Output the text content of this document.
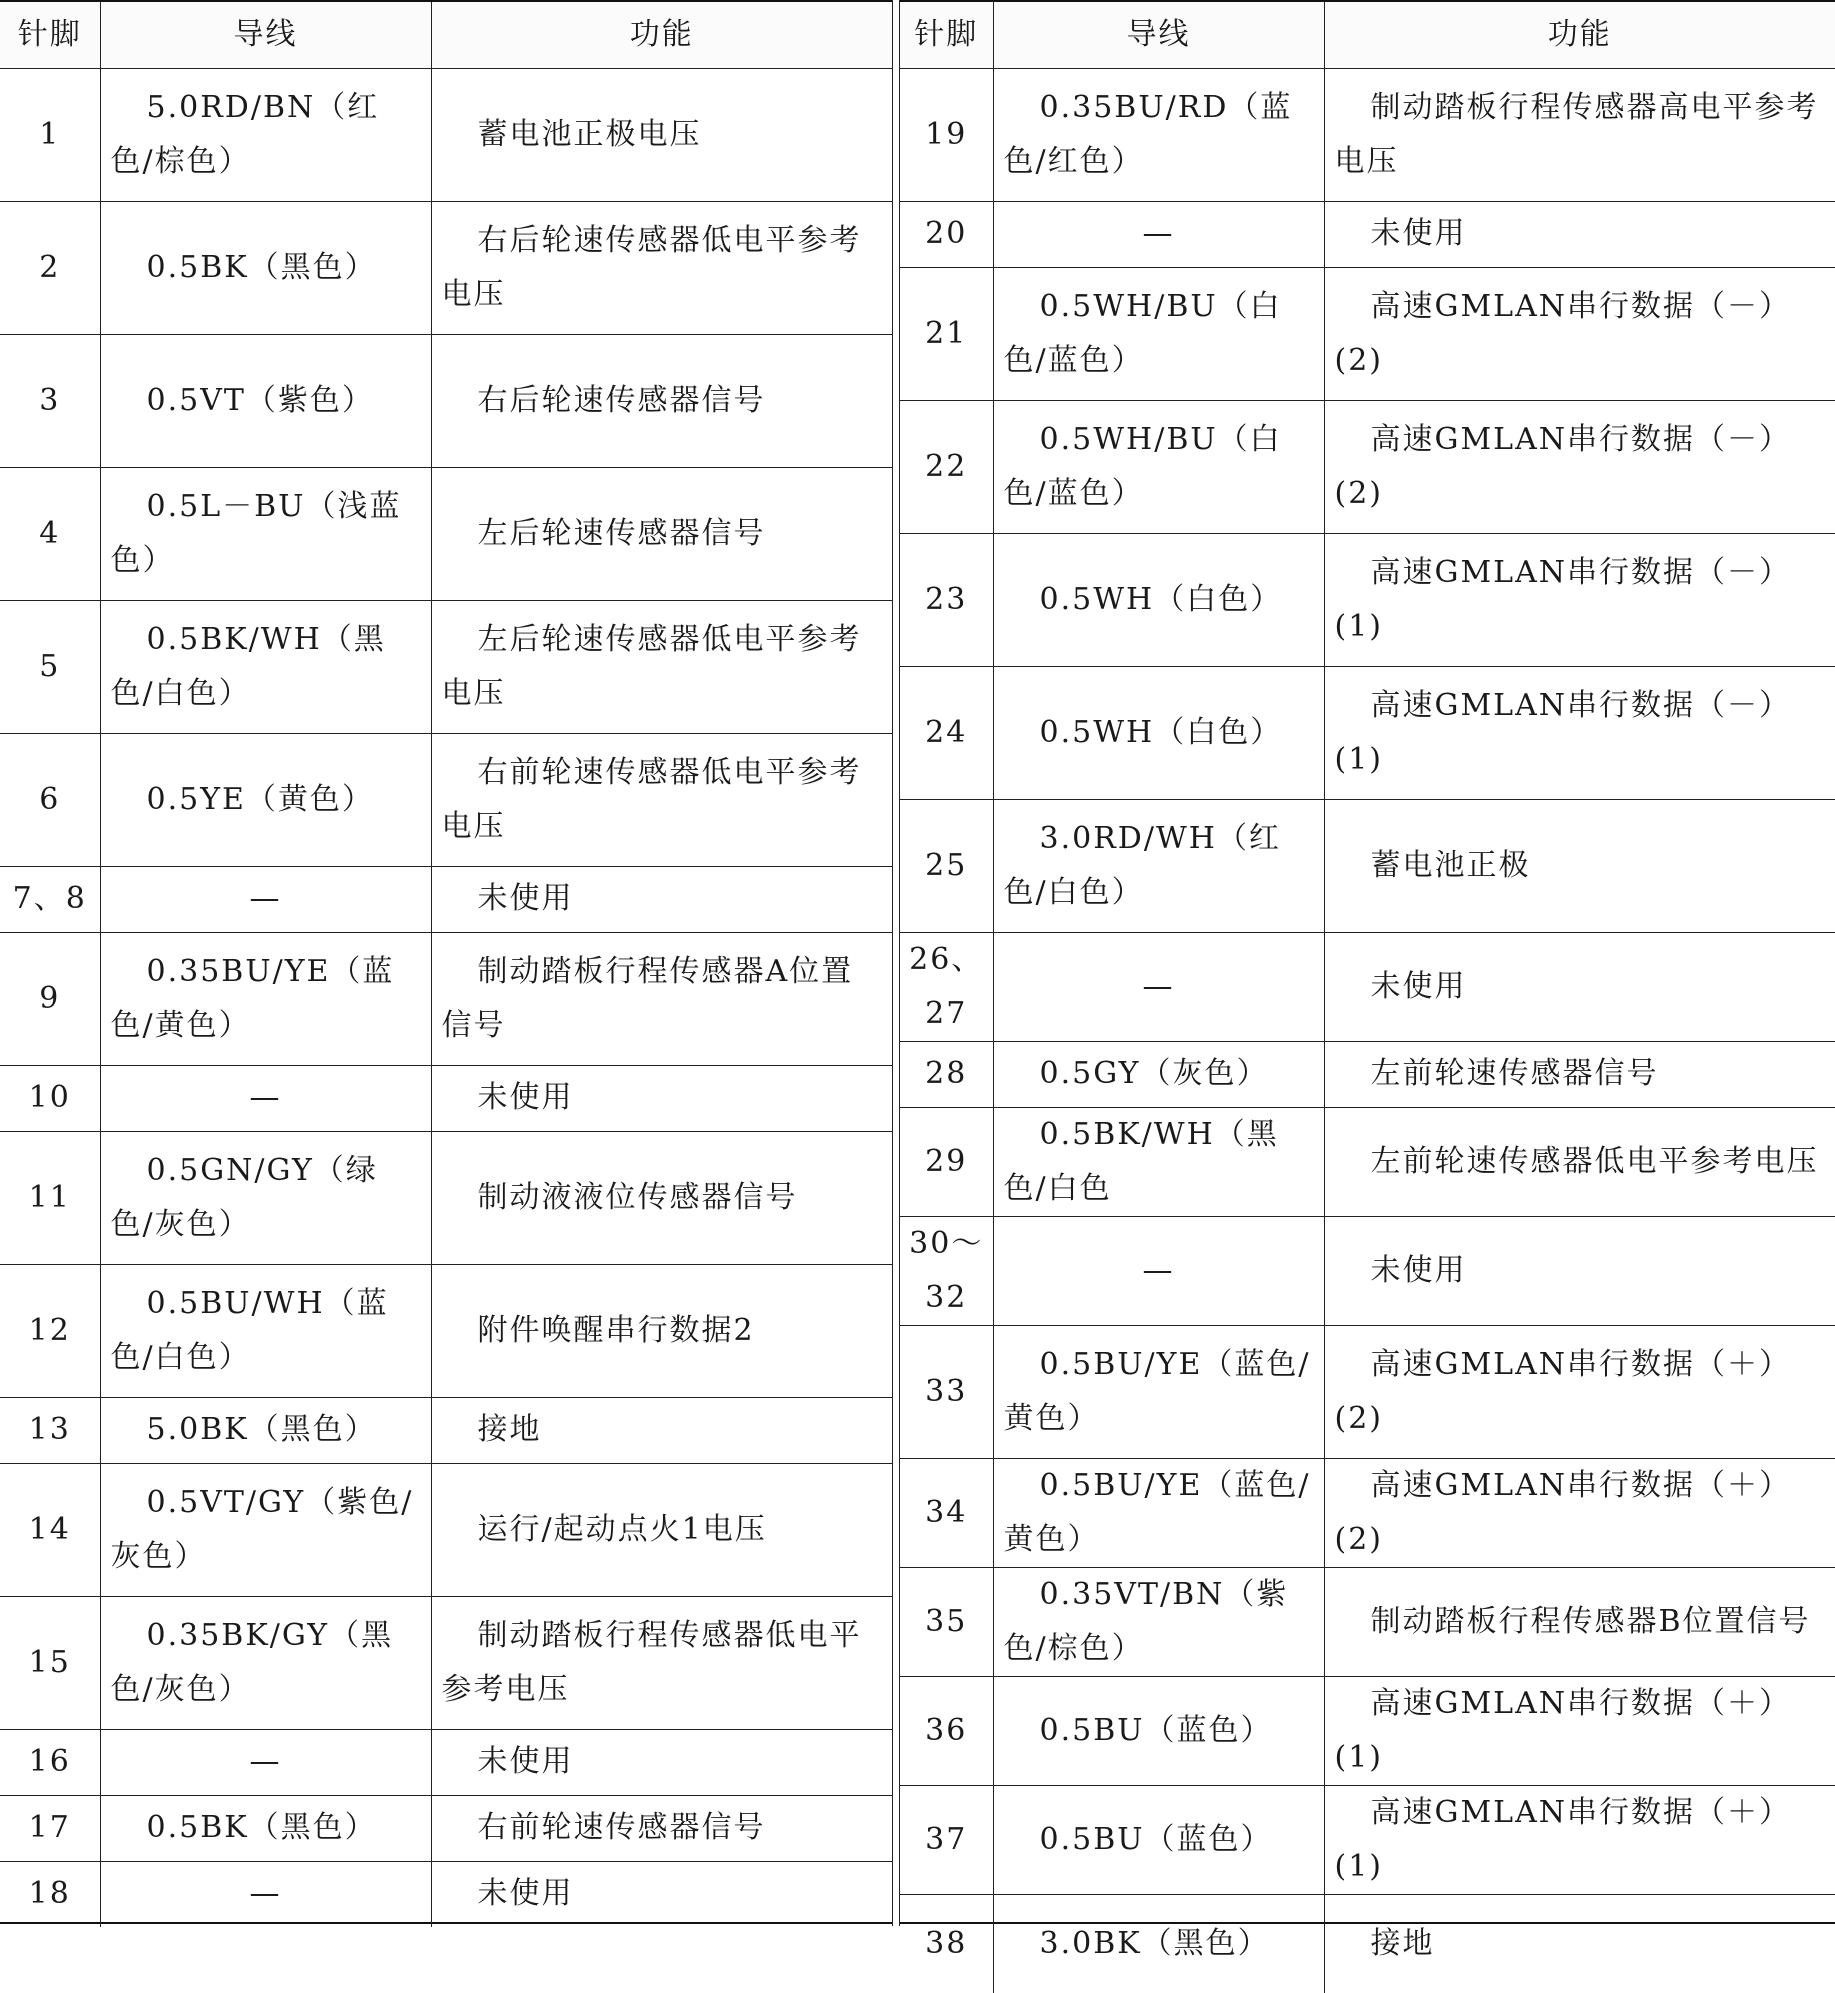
针脚	导线	功能
1	5.0RD/BN（红色/棕色）	蓄电池正极电压
2	0.5BK（黑色）	右后轮速传感器低电平参考电压
3	0.5VT（紫色）	右后轮速传感器信号
4	0.5L－BU（浅蓝色）	左后轮速传感器信号
5	0.5BK/WH（黑色/白色）	左后轮速传感器低电平参考电压
6	0.5YE（黄色）	右前轮速传感器低电平参考电压
7、8	—	未使用
9	0.35BU/YE（蓝色/黄色）	制动踏板行程传感器A位置信号
10	—	未使用
11	0.5GN/GY（绿色/灰色）	制动液液位传感器信号
12	0.5BU/WH（蓝色/白色）	附件唤醒串行数据2
13	5.0BK（黑色）	接地
14	0.5VT/GY（紫色/灰色）	运行/起动点火1电压
15	0.35BK/GY（黑色/灰色）	制动踏板行程传感器低电平参考电压
16	—	未使用
17	0.5BK（黑色）	右前轮速传感器信号
18	—	未使用
针脚	导线	功能
19	0.35BU/RD（蓝色/红色）	制动踏板行程传感器高电平参考电压
20	—	未使用
21	0.5WH/BU（白色/蓝色）	高速GMLAN串行数据（－）(2)
22	0.5WH/BU（白色/蓝色）	高速GMLAN串行数据（－）(2)
23	0.5WH（白色）	高速GMLAN串行数据（－）(1)
24	0.5WH（白色）	高速GMLAN串行数据（－）(1)
25	3.0RD/WH（红色/白色）	蓄电池正极
26、27	—	未使用
28	0.5GY（灰色）	左前轮速传感器信号
29	0.5BK/WH（黑色/白色	左前轮速传感器低电平参考电压
30～32	—	未使用
33	0.5BU/YE（蓝色/黄色）	高速GMLAN串行数据（＋）(2)
34	0.5BU/YE（蓝色/黄色）	高速GMLAN串行数据（＋）(2)
35	0.35VT/BN（紫色/棕色）	制动踏板行程传感器B位置信号
36	0.5BU（蓝色）	高速GMLAN串行数据（＋）(1)
37	0.5BU（蓝色）	高速GMLAN串行数据（＋）(1)
38	3.0BK（黑色）	接地
